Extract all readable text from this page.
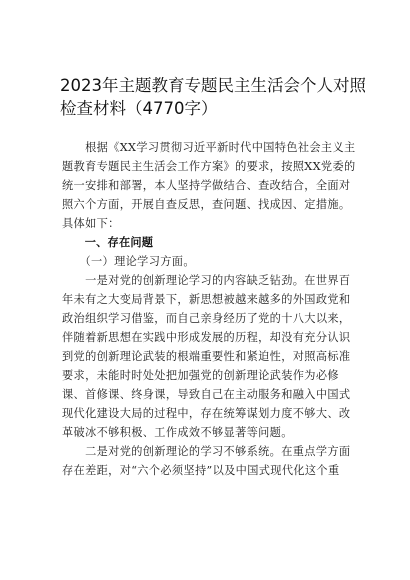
2023年主题教育专题民主生活会个人对照
检查材料（4770字）
　　根据《XX学习贯彻习近平新时代中国特色社会主义主
题教育专题民主生活会工作方案》的要求，按照XX党委的
统一安排和部署，本人坚持学做结合、查改结合，全面对
照六个方面，开展自查反思，查问题、找成因、定措施。
具体如下：
　　一、存在问题
　　（一）理论学习方面。
　　一是对党的创新理论学习的内容缺乏钻劲。在世界百
年未有之大变局背景下，新思想被越来越多的外国政党和
政治组织学习借鉴，而自己亲身经历了党的十八大以来，
伴随着新思想在实践中形成发展的历程，却没有充分认识
到党的创新理论武装的根端重要性和紧迫性，对照高标准
要求，未能时时处处把加强党的创新理论武装作为必修
课、首修课、终身课，导致自己在主动服务和融入中国式
现代化建设大局的过程中，存在统筹谋划力度不够大、改
革破冰不够积极、工作成效不够显著等问题。
　　二是对党的创新理论的学习不够系统。在重点学方面
存在差距，对“六个必须坚持”以及中国式现代化这个重
